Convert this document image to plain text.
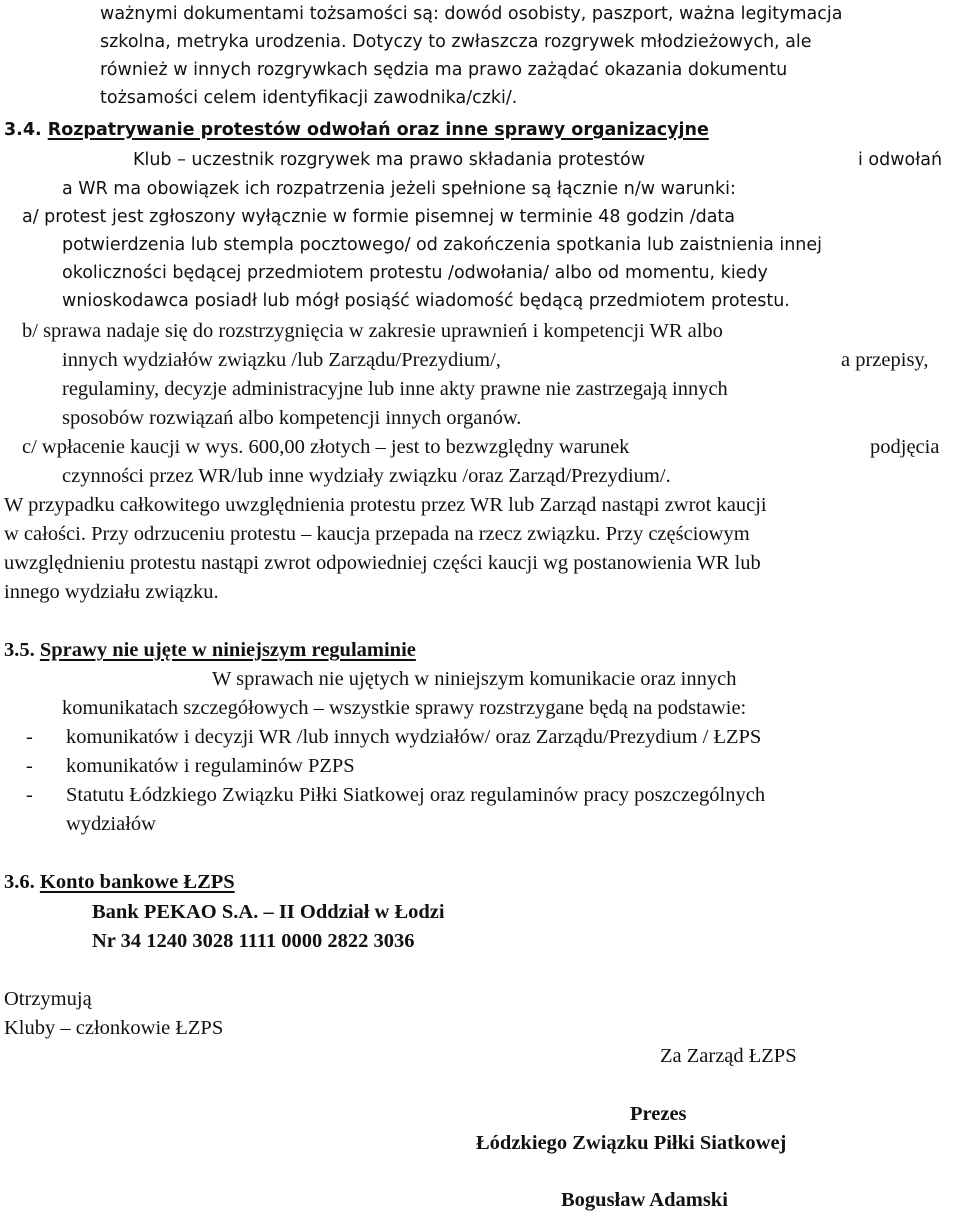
ważnymi dokumentami tożsamości są: dowód osobisty, paszport, ważna legitymacja
szkolna, metryka urodzenia. Dotyczy to zwłaszcza rozgrywek młodzieżowych, ale
również w innych rozgrywkach sędzia ma prawo zażądać okazania dokumentu
tożsamości celem identyfikacji zawodnika/czki/.
3.4. Rozpatrywanie protestów odwołań oraz inne sprawy organizacyjne
Klub – uczestnik rozgrywek ma prawo składania protestów	i odwołań
a WR ma obowiązek ich rozpatrzenia jeżeli spełnione są łącznie n/w warunki:
a/ protest jest zgłoszony wyłącznie w formie pisemnej w terminie 48 godzin /data
potwierdzenia lub stempla pocztowego/ od zakończenia spotkania lub zaistnienia innej
okoliczności będącej przedmiotem protestu /odwołania/ albo od momentu, kiedy
wnioskodawca posiadł lub mógł posiąść wiadomość będącą przedmiotem protestu.
b/ sprawa nadaje się do rozstrzygnięcia w zakresie uprawnień i kompetencji WR albo
innych wydziałów związku /lub Zarządu/Prezydium/,	a przepisy,
regulaminy, decyzje administracyjne lub inne akty prawne nie zastrzegają innych
sposobów rozwiązań albo kompetencji innych organów.
c/ wpłacenie kaucji w wys. 600,00 złotych – jest to bezwzględny warunek	podjęcia
czynności przez WR/lub inne wydziały związku /oraz Zarząd/Prezydium/.
W przypadku całkowitego uwzględnienia protestu przez WR lub Zarząd nastąpi zwrot kaucji
w całości. Przy odrzuceniu protestu – kaucja przepada na rzecz związku. Przy częściowym
uwzględnieniu protestu nastąpi zwrot odpowiedniej części kaucji wg postanowienia WR lub
innego wydziału związku.
3.5. Sprawy nie ujęte w niniejszym regulaminie
W sprawach nie ujętych w niniejszym komunikacie oraz innych
komunikatach szczegółowych – wszystkie sprawy rozstrzygane będą na podstawie:
- komunikatów i decyzji WR /lub innych wydziałów/ oraz Zarządu/Prezydium / ŁZPS
- komunikatów i regulaminów PZPS
- Statutu Łódzkiego Związku Piłki Siatkowej oraz regulaminów pracy poszczególnych
wydziałów
3.6. Konto bankowe ŁZPS
Bank PEKAO S.A. – II Oddział w Łodzi
Nr 34 1240 3028 1111 0000 2822 3036
Otrzymują
Kluby – członkowie ŁZPS
Za Zarząd ŁZPS
Prezes
Łódzkiego Związku Piłki Siatkowej
Bogusław Adamski
